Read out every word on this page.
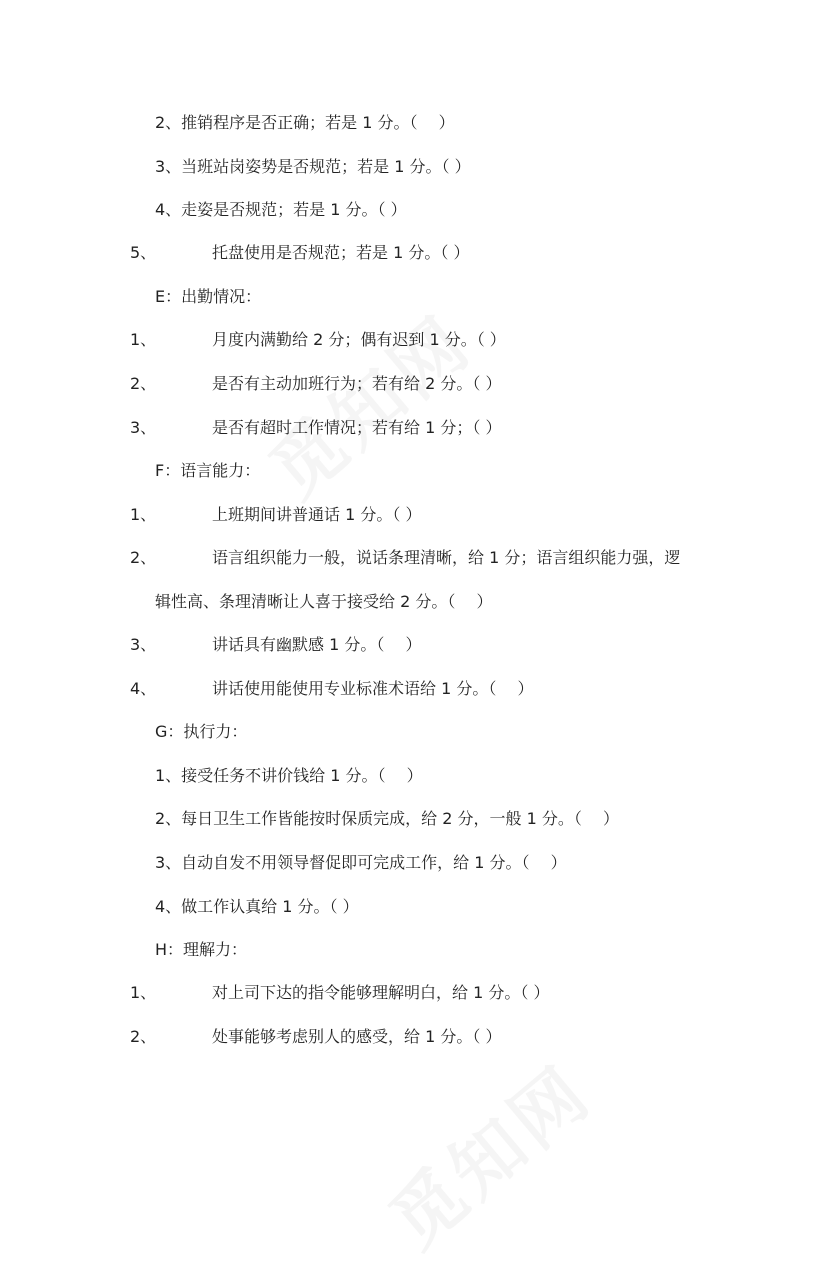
2、推销程序是否正确；若是 1 分。（　 ）
3、当班站岗姿势是否规范；若是 1 分。（ ）
4、走姿是否规范；若是 1 分。（ ）
5、	托盘使用是否规范；若是 1 分。（ ）
E：出勤情况：
1、	月度内满勤给 2 分；偶有迟到 1 分。（ ）
2、	是否有主动加班行为；若有给 2 分。（ ）
3、	是否有超时工作情况；若有给 1 分；（ ）
F：语言能力：
1、	上班期间讲普通话 1 分。（ ）
2、	语言组织能力一般，说话条理清晰，给 1 分；语言组织能力强，逻
辑性高、条理清晰让人喜于接受给 2 分。（　 ）
3、	讲话具有幽默感 1 分。（　 ）
4、	讲话使用能使用专业标准术语给 1 分。（　 ）
G：执行力：
1、接受任务不讲价钱给 1 分。（　 ）
2、每日卫生工作皆能按时保质完成，给 2 分，一般 1 分。（　 ）
3、自动自发不用领导督促即可完成工作，给 1 分。（　 ）
4、做工作认真给 1 分。（ ）
H：理解力：
1、	对上司下达的指令能够理解明白，给 1 分。（ ）
2、	处事能够考虑别人的感受，给 1 分。（ ）
